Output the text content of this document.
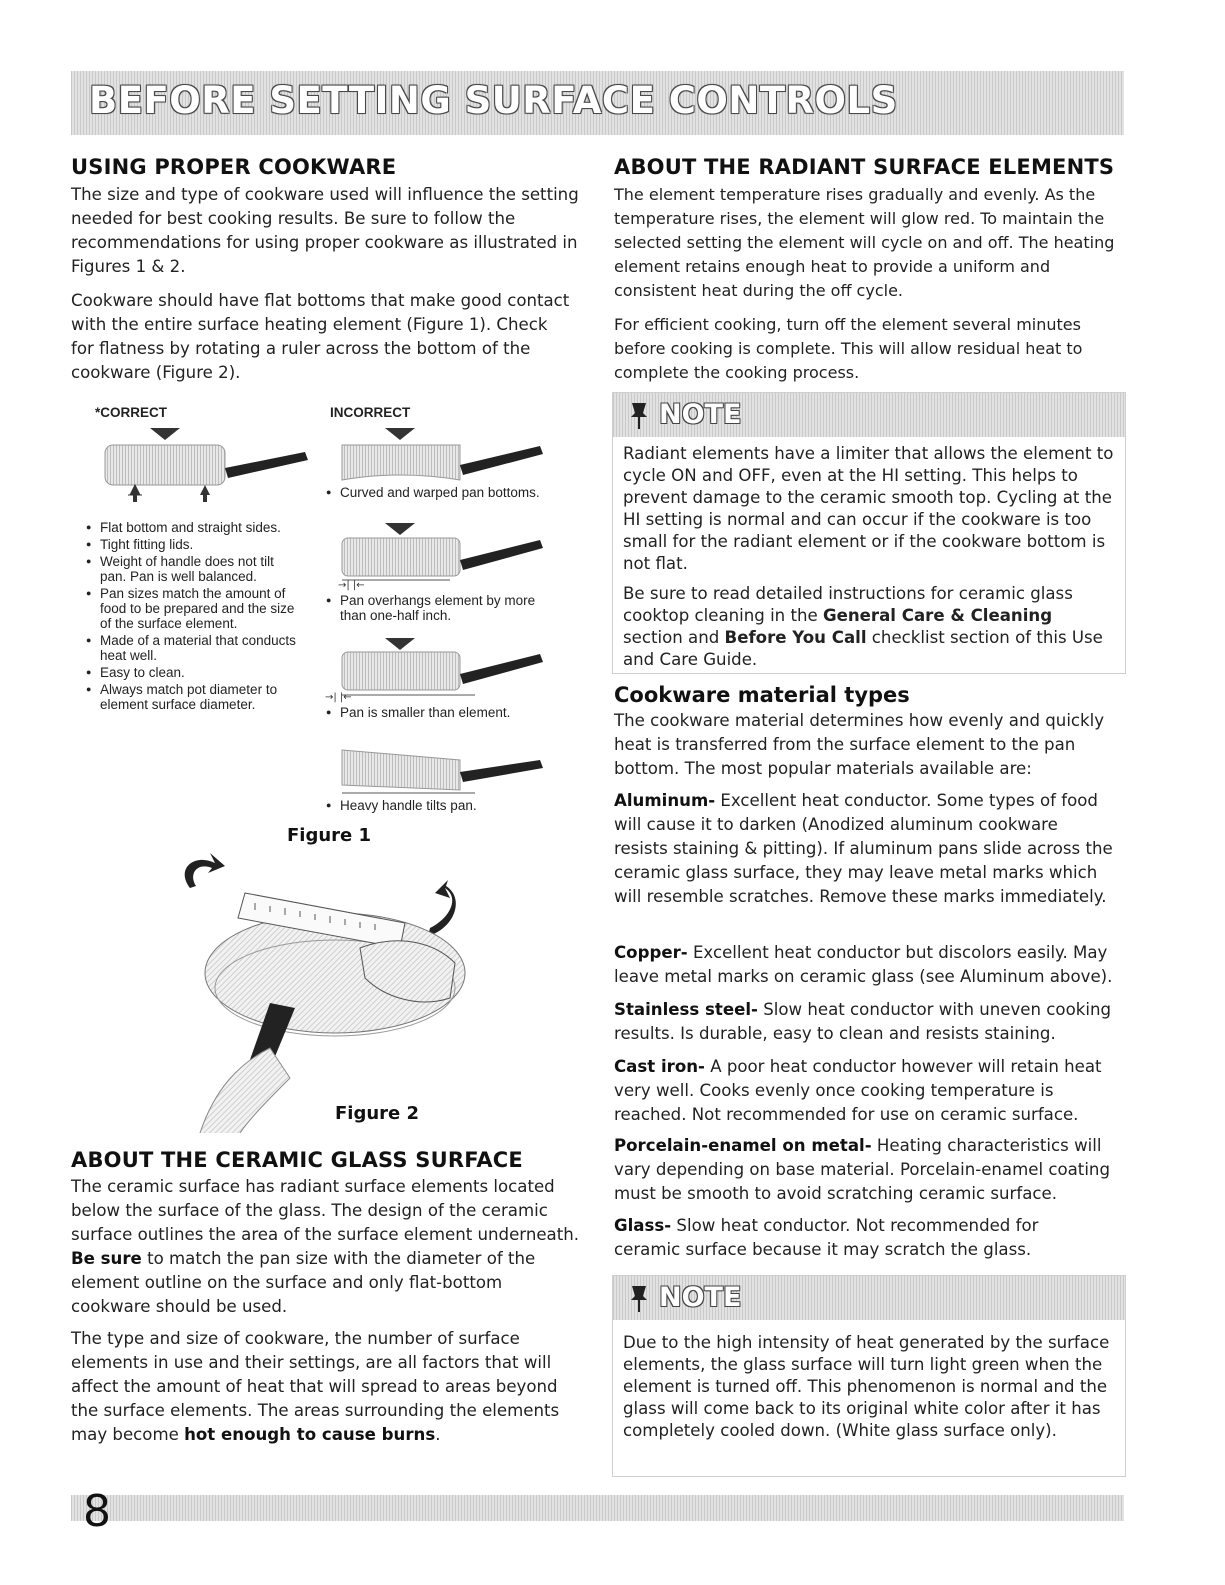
BEFORE SETTING SURFACE CONTROLS
USING PROPER COOKWARE
The size and type of cookware used will influence the setting needed for best cooking results. Be sure to follow the recommendations for using proper cookware as illustrated in Figures 1 & 2.
Cookware should have flat bottoms that make good contact with the entire surface heating element (Figure 1). Check for flatness by rotating a ruler across the bottom of the cookware (Figure 2).
*CORRECT	INCORRECT
→| |←
→| |←
● Flat bottom and straight sides.
● Tight fitting lids.
● Weight of handle does not tilt pan. Pan is well balanced.
● Pan sizes match the amount of food to be prepared and the size of the surface element.
● Made of a material that conducts heat well.
● Easy to clean.
● Always match pot diameter to element surface diameter.
● Curved and warped pan bottoms.
● Pan overhangs element by more than one-half inch.
● Pan is smaller than element.
● Heavy handle tilts pan.
Figure 1
Figure 2
ABOUT THE CERAMIC GLASS SURFACE
The ceramic surface has radiant surface elements located below the surface of the glass. The design of the ceramic surface outlines the area of the surface element underneath. Be sure to match the pan size with the diameter of the element outline on the surface and only flat-bottom cookware should be used.
The type and size of cookware, the number of surface elements in use and their settings, are all factors that will affect the amount of heat that will spread to areas beyond the surface elements. The areas surrounding the elements may become hot enough to cause burns.
ABOUT THE RADIANT SURFACE ELEMENTS
The element temperature rises gradually and evenly. As the temperature rises, the element will glow red. To maintain the selected setting the element will cycle on and off. The heating element retains enough heat to provide a uniform and consistent heat during the off cycle.
For efficient cooking, turn off the element several minutes before cooking is complete. This will allow residual heat to complete the cooking process.
NOTE

Radiant elements have a limiter that allows the element to cycle ON and OFF, even at the HI setting. This helps to prevent damage to the ceramic smooth top. Cycling at the HI setting is normal and can occur if the cookware is too small for the radiant element or if the cookware bottom is not flat.

Be sure to read detailed instructions for ceramic glass cooktop cleaning in the General Care & Cleaning section and Before You Call checklist section of this Use and Care Guide.

Cookware material types
The cookware material determines how evenly and quickly heat is transferred from the surface element to the pan bottom. The most popular materials available are:
Aluminum- Excellent heat conductor. Some types of food will cause it to darken (Anodized aluminum cookware resists staining & pitting). If aluminum pans slide across the ceramic glass surface, they may leave metal marks which will resemble scratches. Remove these marks immediately.
Copper- Excellent heat conductor but discolors easily. May leave metal marks on ceramic glass (see Aluminum above).
Stainless steel- Slow heat conductor with uneven cooking results. Is durable, easy to clean and resists staining.
Cast iron- A poor heat conductor however will retain heat very well. Cooks evenly once cooking temperature is reached. Not recommended for use on ceramic surface.
Porcelain-enamel on metal- Heating characteristics will vary depending on base material. Porcelain-enamel coating must be smooth to avoid scratching ceramic surface.
Glass- Slow heat conductor. Not recommended for ceramic surface because it may scratch the glass.
NOTE

Due to the high intensity of heat generated by the surface elements, the glass surface will turn light green when the element is turned off. This phenomenon is normal and the glass will come back to its original white color after it has completely cooled down. (White glass surface only).

8
